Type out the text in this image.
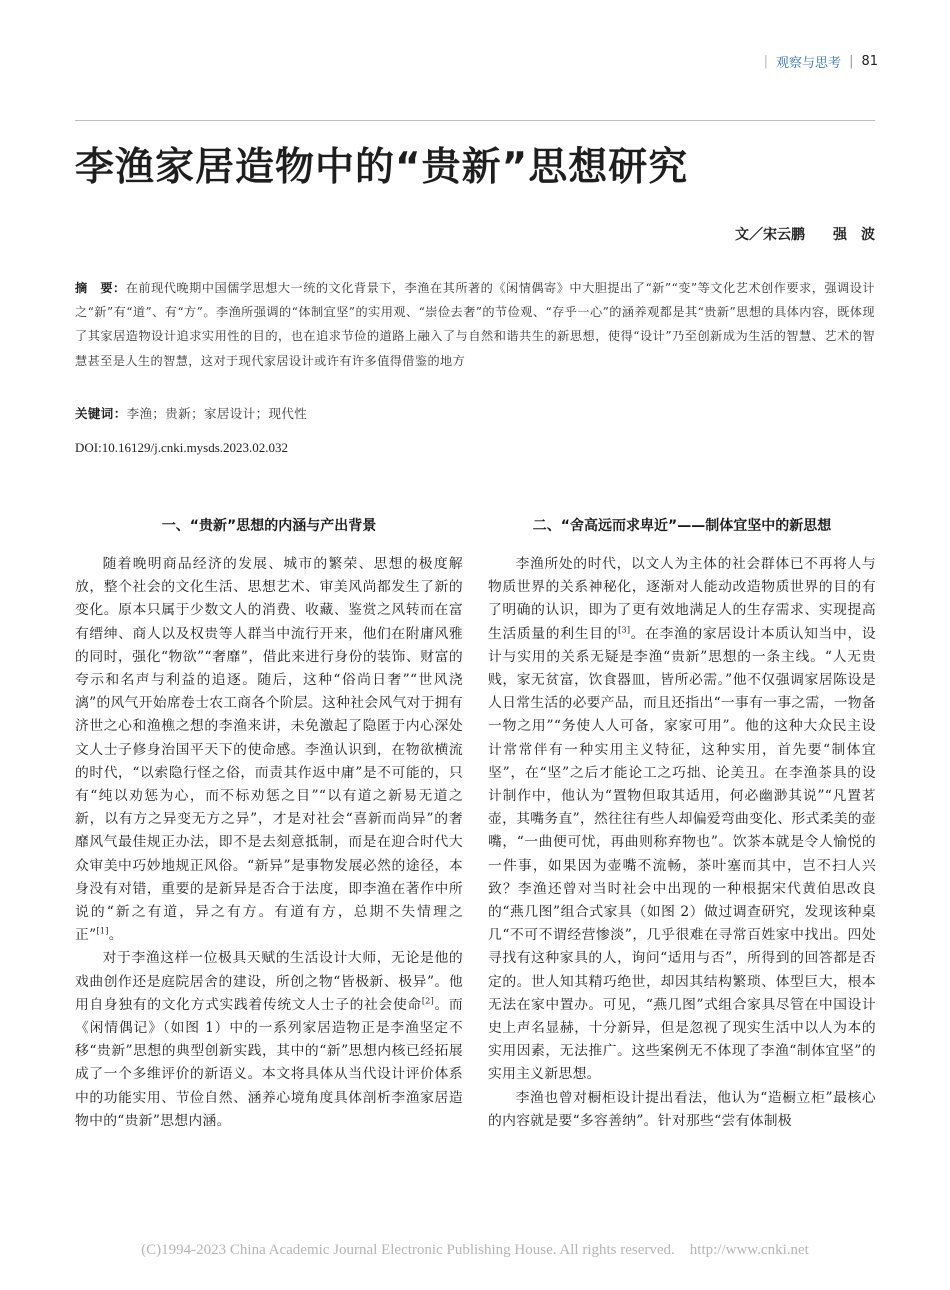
| 观察与思考 | 81
李渔家居造物中的“贵新”思想研究
文／宋云鹏　　强　波
摘　要：在前现代晚期中国儒学思想大一统的文化背景下，李渔在其所著的《闲情偶寄》中大胆提出了“新”“变”等文化艺术创作要求，强调设计之“新”有“道”、有“方”。李渔所强调的“体制宜坚”的实用观、“崇俭去奢”的节俭观、“存乎一心”的涵养观都是其“贵新”思想的具体内容，既体现了其家居造物设计追求实用性的目的，也在追求节俭的道路上融入了与自然和谐共生的新思想，使得“设计”乃至创新成为生活的智慧、艺术的智慧甚至是人生的智慧，这对于现代家居设计或许有许多值得借鉴的地方
关键词：李渔；贵新；家居设计；现代性
DOI:10.16129/j.cnki.mysds.2023.02.032
一、“贵新”思想的内涵与产出背景

随着晚明商品经济的发展、城市的繁荣、思想的极度解放，整个社会的文化生活、思想艺术、审美风尚都发生了新的变化。原本只属于少数文人的消费、收藏、鉴赏之风转而在富有缙绅、商人以及权贵等人群当中流行开来，他们在附庸风雅的同时，强化“物欲”“奢靡”，借此来进行身份的装饰、财富的夸示和名声与利益的追逐。随后，这种“俗尚日奢”“世风浇漓”的风气开始席卷士农工商各个阶层。这种社会风气对于拥有济世之心和渔樵之想的李渔来讲，未免激起了隐匿于内心深处文人士子修身治国平天下的使命感。李渔认识到，在物欲横流的时代，“以索隐行怪之俗，而责其作返中庸”是不可能的，只有“纯以劝惩为心，而不标劝惩之目”“以有道之新易无道之新，以有方之异变无方之异”，才是对社会“喜新而尚异”的奢靡风气最佳规正办法，即不是去刻意抵制，而是在迎合时代大众审美中巧妙地规正风俗。“新异”是事物发展必然的途径，本身没有对错，重要的是新异是否合于法度，即李渔在著作中所说的“新之有道，异之有方。有道有方，总期不失情理之正”[1]。

对于李渔这样一位极具天赋的生活设计大师，无论是他的戏曲创作还是庭院居舍的建设，所创之物“皆极新、极异”。他用自身独有的文化方式实践着传统文人士子的社会使命[2]。而《闲情偶记》（如图 1）中的一系列家居造物正是李渔坚定不移“贵新”思想的典型创新实践，其中的“新”思想内核已经拓展成了一个多维评价的新语义。本文将具体从当代设计评价体系中的功能实用、节俭自然、涵养心境角度具体剖析李渔家居造物中的“贵新”思想内涵。

二、“舍高远而求卑近”——制体宜坚中的新思想

李渔所处的时代，以文人为主体的社会群体已不再将人与物质世界的关系神秘化，逐渐对人能动改造物质世界的目的有了明确的认识，即为了更有效地满足人的生存需求、实现提高生活质量的利生目的[3]。在李渔的家居设计本质认知当中，设计与实用的关系无疑是李渔“贵新”思想的一条主线。“人无贵贱，家无贫富，饮食器皿，皆所必需。”他不仅强调家居陈设是人日常生活的必要产品，而且还指出“一事有一事之需，一物备一物之用”“务使人人可备，家家可用”。他的这种大众民主设计常常伴有一种实用主义特征，这种实用，首先要“制体宜坚”，在“坚”之后才能论工之巧拙、论美丑。在李渔茶具的设计制作中，他认为“置物但取其适用，何必幽渺其说”“凡置茗壶，其嘴务直”，然往往有些人却偏爱弯曲变化、形式柔美的壶嘴，“一曲便可忧，再曲则称弃物也”。饮茶本就是令人愉悦的一件事，如果因为壶嘴不流畅，茶叶塞而其中，岂不扫人兴致？李渔还曾对当时社会中出现的一种根据宋代黄伯思改良的“燕几图”组合式家具（如图 2）做过调查研究，发现该种桌几“不可不谓经营惨淡”，几乎很难在寻常百姓家中找出。四处寻找有这种家具的人，询问“适用与否”，所得到的回答都是否定的。世人知其精巧绝世，却因其结构繁琐、体型巨大，根本无法在家中置办。可见，“燕几图”式组合家具尽管在中国设计史上声名显赫，十分新异，但是忽视了现实生活中以人为本的实用因素，无法推广。这些案例无不体现了李渔“制体宜坚”的实用主义新思想。

李渔也曾对橱柜设计提出看法，他认为“造橱立柜”最核心的内容就是要“多容善纳”。针对那些“尝有体制极

(C)1994-2023 China Academic Journal Electronic Publishing House. All rights reserved.    http://www.cnki.net
